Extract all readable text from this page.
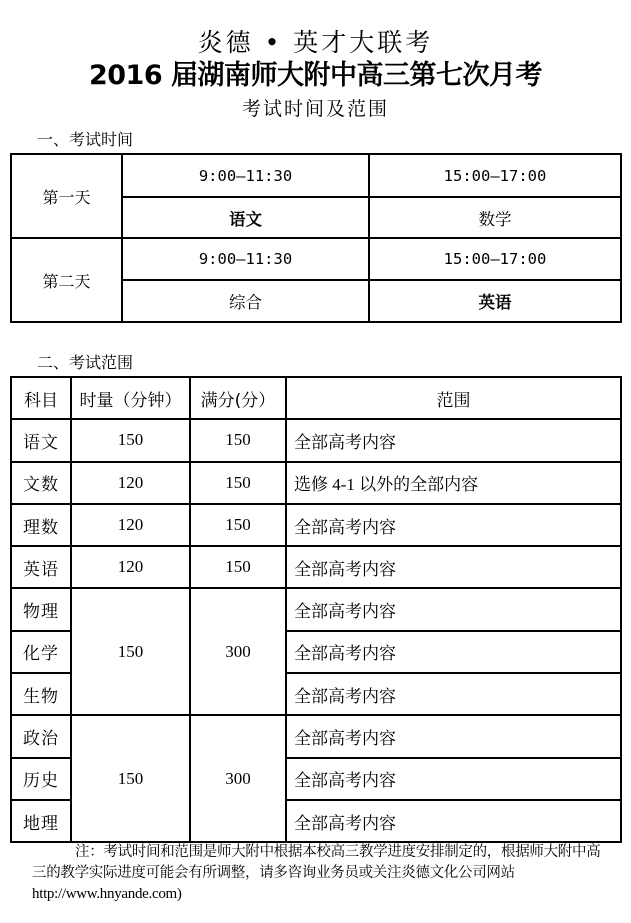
炎德 • 英才大联考
2016 届湖南师大附中高三第七次月考
考试时间及范围
一、考试时间
第一天	9:00—11:30	15:00—17:00
	语文	数学
第二天	9:00—11:30	15:00—17:00
	综合	英语
二、考试范围
科目	时量（分钟）	满分(分）	范围
语文	150	150	全部高考内容
文数	120	150	选修 4-1 以外的全部内容
理数	120	150	全部高考内容
英语	120	150	全部高考内容
物理	150	300	全部高考内容
化学			全部高考内容
生物			全部高考内容
政治	150	300	全部高考内容
历史			全部高考内容
地理			全部高考内容
注：考试时间和范围是师大附中根据本校高三教学进度安排制定的，根据师大附中高三的教学实际进度可能会有所调整，请多咨询业务员或关注炎德文化公司网站 http://www.hnyande.com)
